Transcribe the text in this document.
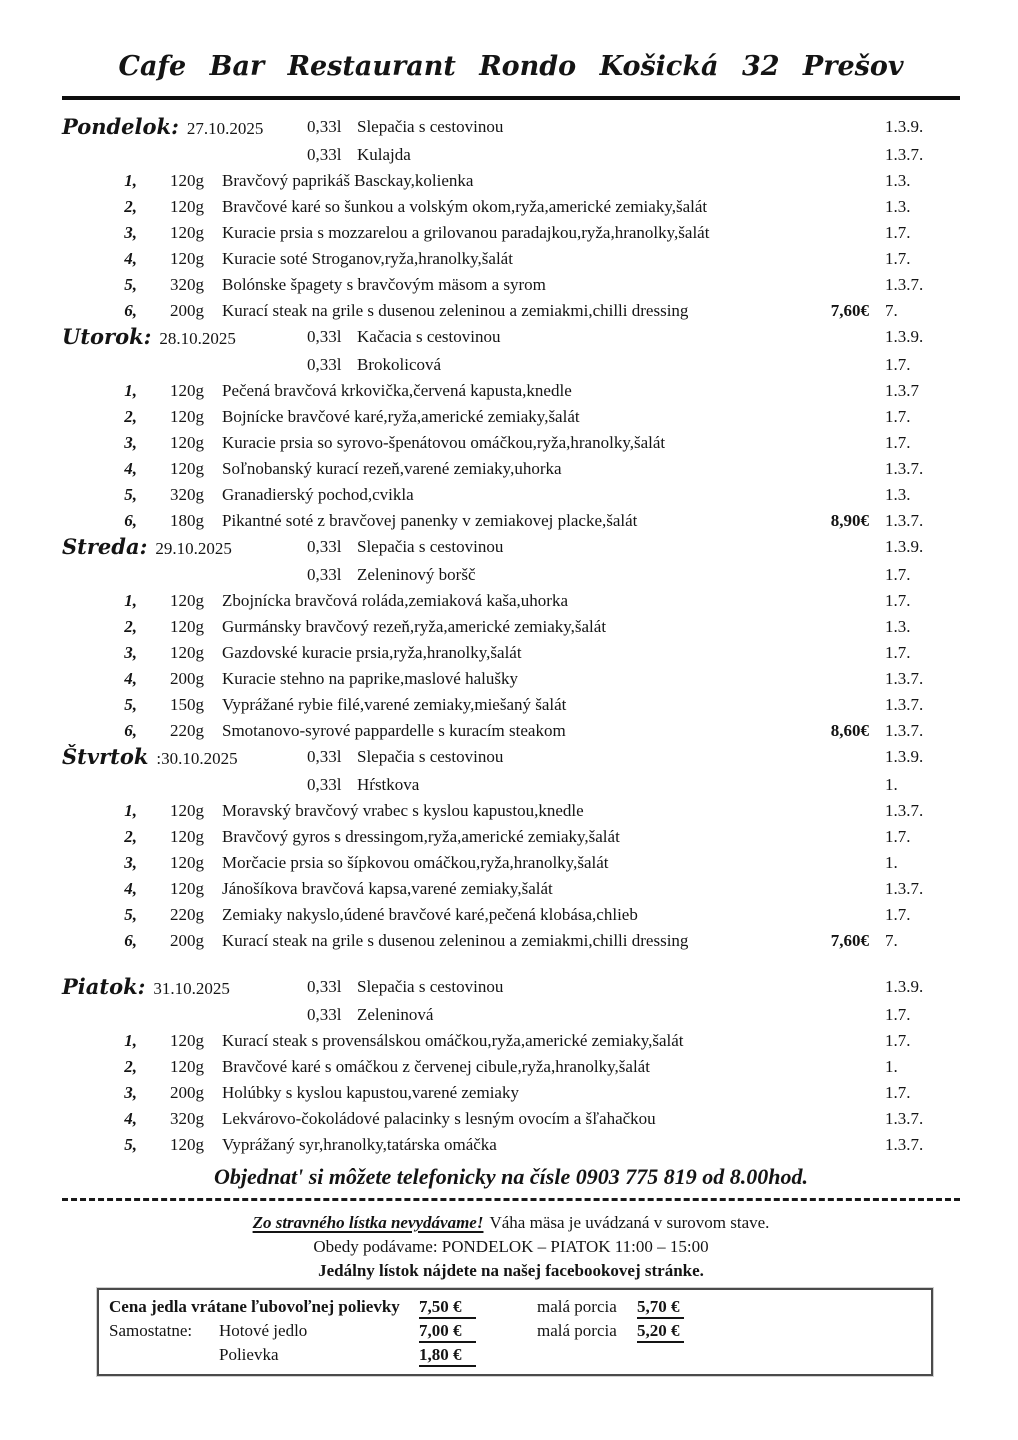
Cafe Bar Restaurant Rondo Košická 32 Prešov
Pondelok: 27.10.2025	0,33l Slepačia s cestovinou	1.3.9.
0,33l Kulajda	1.3.7.
1,	120g	Bravčový paprikáš Basckay,kolienka	1.3.
2,	120g	Bravčové karé so šunkou a volským okom,ryža,americké zemiaky,šalát	1.3.
3,	120g	Kuracie prsia s mozzarelou a grilovanou paradajkou,ryža,hranolky,šalát	1.7.
4,	120g	Kuracie soté Stroganov,ryža,hranolky,šalát	1.7.
5,	320g	Bolónske špagety s bravčovým mäsom a syrom	1.3.7.
6,	200g	Kurací steak na grile s dusenou zeleninou a zemiakmi,chilli dressing	7,60€ 7.
Utorok: 28.10.2025	0,33l Kačacia s cestovinou	1.3.9.
0,33l Brokolicová	1.7.
1,	120g	Pečená bravčová krkovička,červená kapusta,knedle	1.3.7
2,	120g	Bojnícke bravčové karé,ryža,americké zemiaky,šalát	1.7.
3,	120g	Kuracie prsia so syrovo-špenátovou omáčkou,ryža,hranolky,šalát	1.7.
4,	120g	Soľnobanský kurací rezeň,varené zemiaky,uhorka	1.3.7.
5,	320g	Granadierský pochod,cvikla	1.3.
6,	180g	Pikantné soté z bravčovej panenky v zemiakovej placke,šalát	8,90€ 1.3.7.
Streda: 29.10.2025	0,33l Slepačia s cestovinou	1.3.9.
0,33l Zeleninový boršč	1.7.
1,	120g	Zbojnícka bravčová roláda,zemiaková kaša,uhorka	1.7.
2,	120g	Gurmánsky bravčový rezeň,ryža,americké zemiaky,šalát	1.3.
3,	120g	Gazdovské kuracie prsia,ryža,hranolky,šalát	1.7.
4,	200g	Kuracie stehno na paprike,maslové halušky	1.3.7.
5,	150g	Vyprážané rybie filé,varené zemiaky,miešaný šalát	1.3.7.
6,	220g	Smotanovo-syrové pappardelle s kuracím steakom	8,60€ 1.3.7.
Štvrtok :30.10.2025	0,33l Slepačia s cestovinou	1.3.9.
0,33l Hŕstkova	1.
1,	120g	Moravský bravčový vrabec s kyslou kapustou,knedle	1.3.7.
2,	120g	Bravčový gyros s dressingom,ryža,americké zemiaky,šalát	1.7.
3,	120g	Morčacie prsia so šípkovou omáčkou,ryža,hranolky,šalát	1.
4,	120g	Jánošíkova bravčová kapsa,varené zemiaky,šalát	1.3.7.
5,	220g	Zemiaky nakyslo,údené bravčové karé,pečená klobása,chlieb	1.7.
6,	200g	Kurací steak na grile s dusenou zeleninou a zemiakmi,chilli dressing	7,60€ 7.
Piatok: 31.10.2025	0,33l Slepačia s cestovinou	1.3.9.
0,33l Zeleninová	1.7.
1,	120g	Kurací steak s provensálskou omáčkou,ryža,americké zemiaky,šalát	1.7.
2,	120g	Bravčové karé s omáčkou z červenej cibule,ryža,hranolky,šalát	1.
3,	200g	Holúbky s kyslou kapustou,varené zemiaky	1.7.
4,	320g	Lekvárovo-čokoládové palacinky s lesným ovocím a šľahačkou	1.3.7.
5,	120g	Vyprážaný syr,hranolky,tatárska omáčka	1.3.7.
Objednat' si môžete telefonicky na čísle 0903 775 819 od 8.00hod.
Zo stravného lístka nevydávame! Váha mäsa je uvádzaná v surovom stave.
Obedy podávame: PONDELOK – PIATOK 11:00 – 15:00
Jedálny lístok nájdete na našej facebookovej stránke.
Cena jedla vrátane ľubovoľnej polievky	7,50 €	malá porcia	5,70 €
Samostatne:	Hotové jedlo	7,00 €	malá porcia	5,20 €
Polievka	1,80 €
